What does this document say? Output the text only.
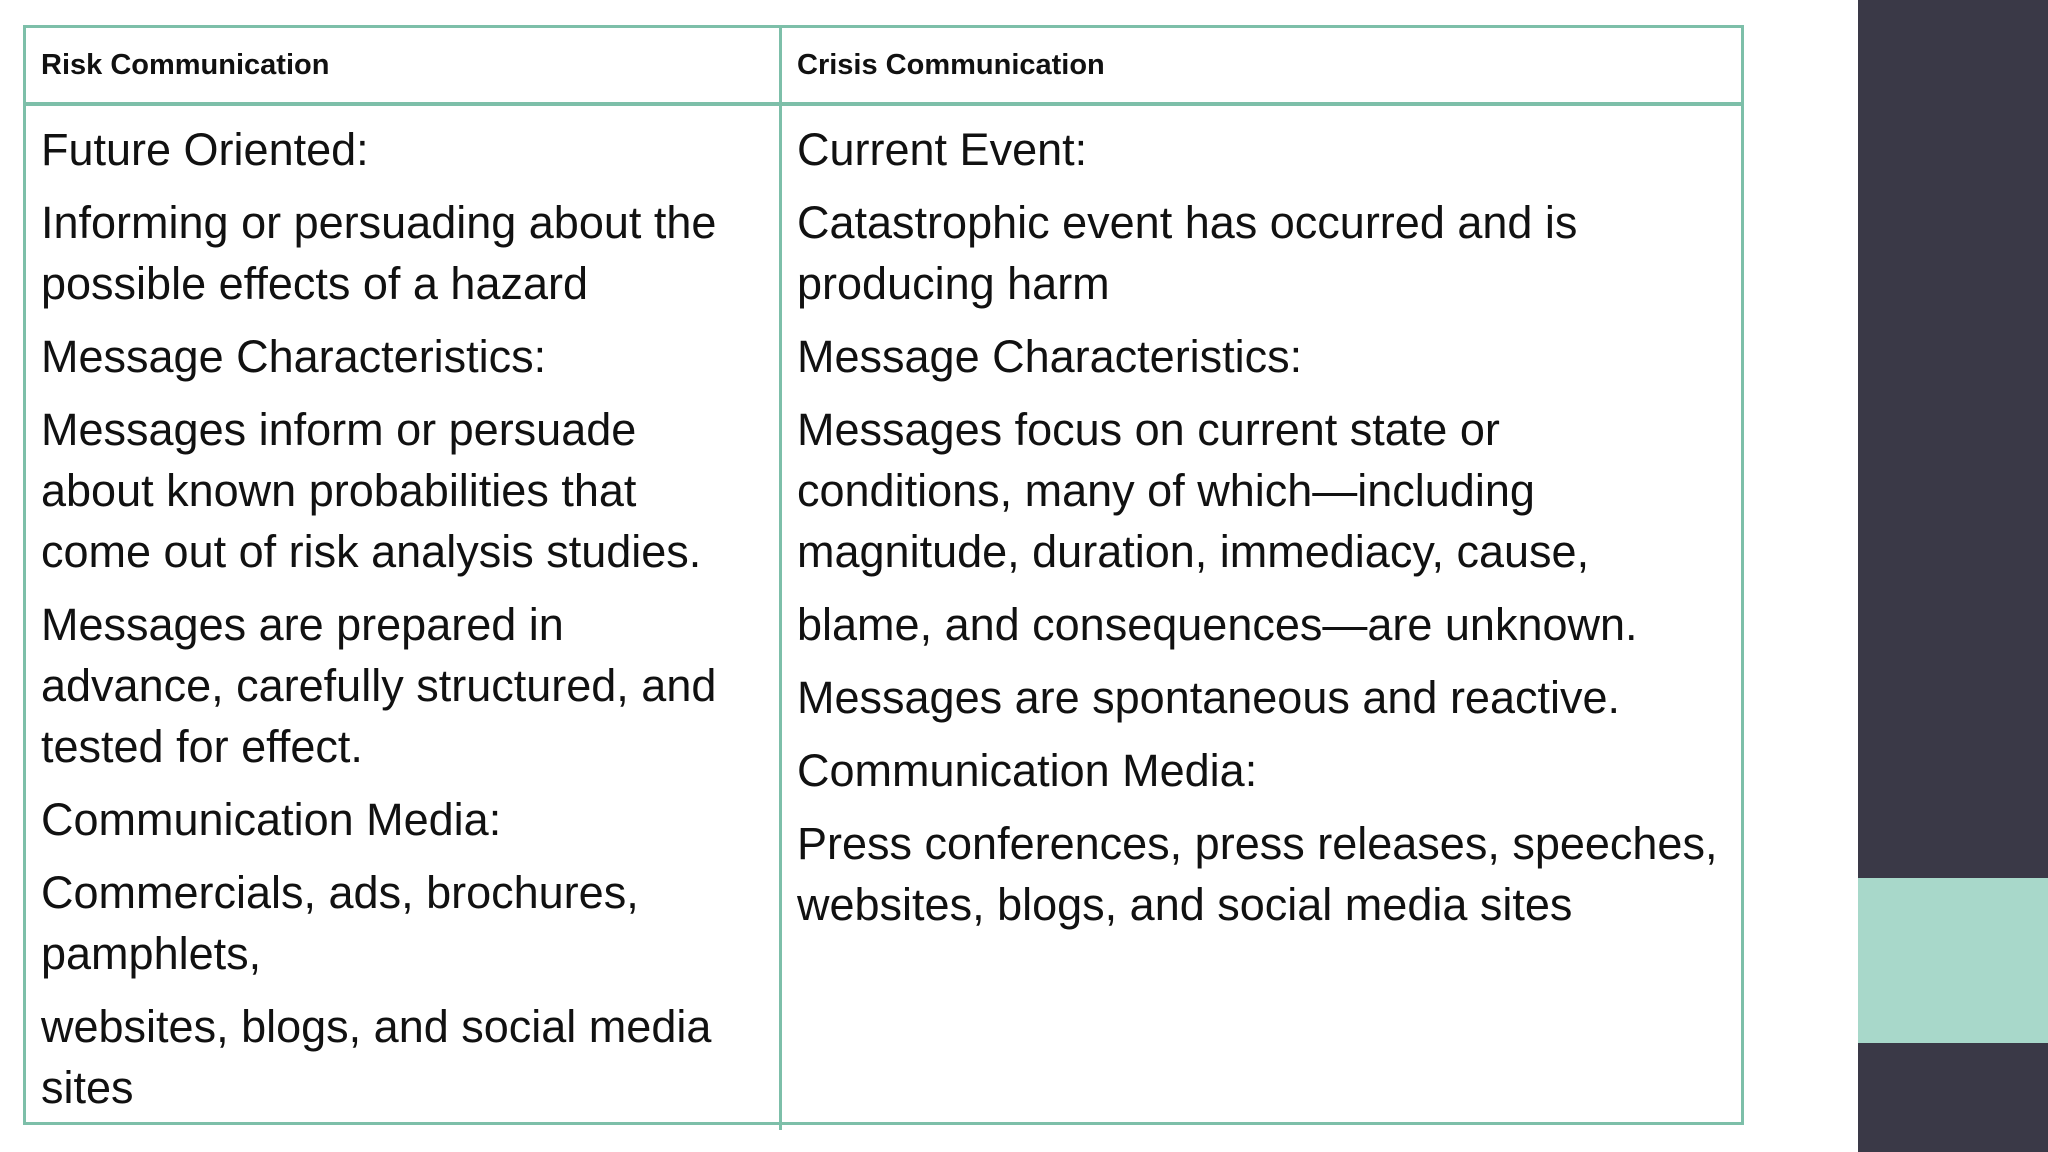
Risk Communication	Crisis Communication
Future Oriented:
Informing or persuading about the
possible effects of a hazard
Message Characteristics:
Messages inform or persuade
about known probabilities that
come out of risk analysis studies.
Messages are prepared in
advance, carefully structured, and
tested for effect.
Communication Media:
Commercials, ads, brochures,
pamphlets,
websites, blogs, and social media
sites
Current Event:
Catastrophic event has occurred and is
producing harm
Message Characteristics:
Messages focus on current state or
conditions, many of which—including
magnitude, duration, immediacy, cause,
blame, and consequences—are unknown.
Messages are spontaneous and reactive.
Communication Media:
Press conferences, press releases, speeches,
websites, blogs, and social media sites
